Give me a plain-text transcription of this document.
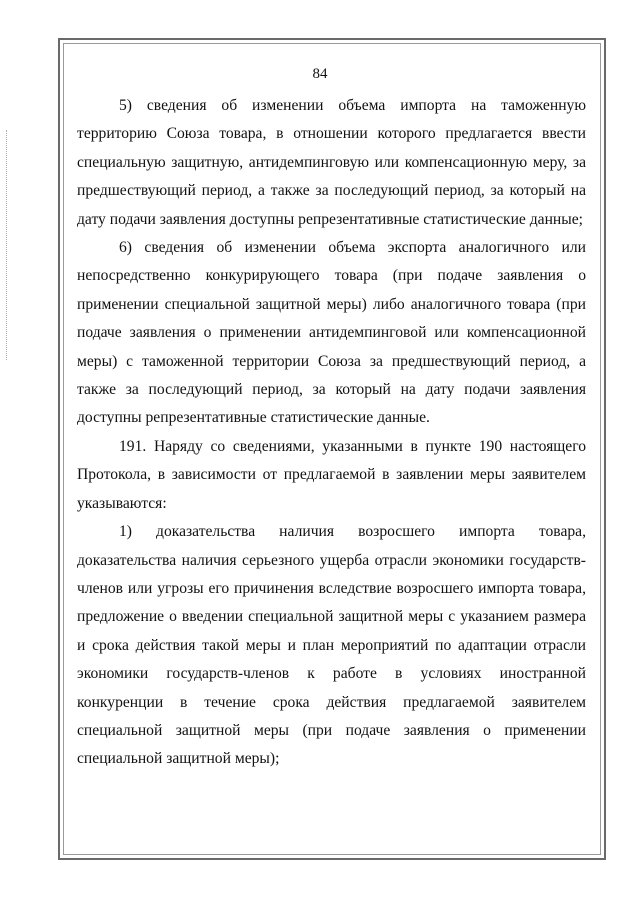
84

5) сведения об изменении объема импорта на таможенную территорию Союза товара, в отношении которого предлагается ввести специальную защитную, антидемпинговую или компенсационную меру, за предшествующий период, а также за последующий период, за который на дату подачи заявления доступны репрезентативные статистические данные;

6) сведения об изменении объема экспорта аналогичного или непосредственно конкурирующего товара (при подаче заявления о применении специальной защитной меры) либо аналогичного товара (при подаче заявления о применении антидемпинговой или компенсационной меры) с таможенной территории Союза за предшествующий период, а также за последующий период, за который на дату подачи заявления доступны репрезентативные статистические данные.

191. Наряду со сведениями, указанными в пункте 190 настоящего Протокола, в зависимости от предлагаемой в заявлении меры заявителем указываются:

1) доказательства наличия возросшего импорта товара, доказательства наличия серьезного ущерба отрасли экономики государств-членов или угрозы его причинения вследствие возросшего импорта товара, предложение о введении специальной защитной меры с указанием размера и срока действия такой меры и план мероприятий по адаптации отрасли экономики государств-членов к работе в условиях иностранной конкуренции в течение срока действия предлагаемой заявителем специальной защитной меры (при подаче заявления о применении специальной защитной меры);
